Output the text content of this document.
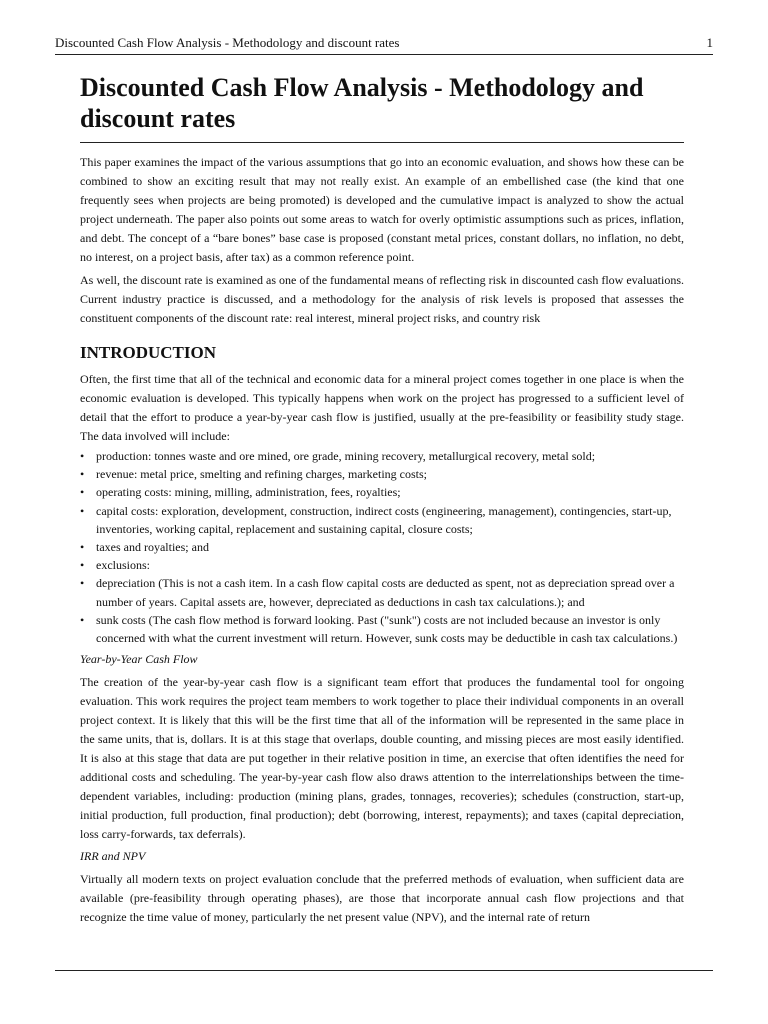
Discounted Cash Flow Analysis - Methodology and discount rates	1
Discounted Cash Flow Analysis - Methodology and discount rates

This paper examines the impact of the various assumptions that go into an economic evaluation, and shows how these can be combined to show an exciting result that may not really exist. An example of an embellished case (the kind that one frequently sees when projects are being promoted) is developed and the cumulative impact is analyzed to show the actual project underneath. The paper also points out some areas to watch for overly optimistic assumptions such as prices, inflation, and debt. The concept of a “bare bones” base case is proposed (constant metal prices, constant dollars, no inflation, no debt, no interest, on a project basis, after tax) as a common reference point.

As well, the discount rate is examined as one of the fundamental means of reflecting risk in discounted cash flow evaluations. Current industry practice is discussed, and a methodology for the analysis of risk levels is proposed that assesses the constituent components of the discount rate: real interest, mineral project risks, and country risk

INTRODUCTION

Often, the first time that all of the technical and economic data for a mineral project comes together in one place is when the economic evaluation is developed. This typically happens when work on the project has progressed to a sufficient level of detail that the effort to produce a year-by-year cash flow is justified, usually at the pre-feasibility or feasibility study stage. The data involved will include:

• production: tonnes waste and ore mined, ore grade, mining recovery, metallurgical recovery, metal sold;
• revenue: metal price, smelting and refining charges, marketing costs;
• operating costs: mining, milling, administration, fees, royalties;
• capital costs: exploration, development, construction, indirect costs (engineering, management), contingencies, start-up, inventories, working capital, replacement and sustaining capital, closure costs;
• taxes and royalties; and
• exclusions:
• depreciation (This is not a cash item. In a cash flow capital costs are deducted as spent, not as depreciation spread over a number of years. Capital assets are, however, depreciated as deductions in cash tax calculations.); and
• sunk costs (The cash flow method is forward looking. Past ("sunk") costs are not included because an investor is only concerned with what the current investment will return. However, sunk costs may be deductible in cash tax calculations.)
Year-by-Year Cash Flow

The creation of the year-by-year cash flow is a significant team effort that produces the fundamental tool for ongoing evaluation. This work requires the project team members to work together to place their individual components in an overall project context. It is likely that this will be the first time that all of the information will be represented in the same place in the same units, that is, dollars. It is at this stage that overlaps, double counting, and missing pieces are most easily identified. It is also at this stage that data are put together in their relative position in time, an exercise that often identifies the need for additional costs and scheduling. The year-by-year cash flow also draws attention to the interrelationships between the time-dependent variables, including: production (mining plans, grades, tonnages, recoveries); schedules (construction, start-up, initial production, full production, final production); debt (borrowing, interest, repayments); and taxes (capital depreciation, loss carry-forwards, tax deferrals).

IRR and NPV

Virtually all modern texts on project evaluation conclude that the preferred methods of evaluation, when sufficient data are available (pre-feasibility through operating phases), are those that incorporate annual cash flow projections and that recognize the time value of money, particularly the net present value (NPV), and the internal rate of return
